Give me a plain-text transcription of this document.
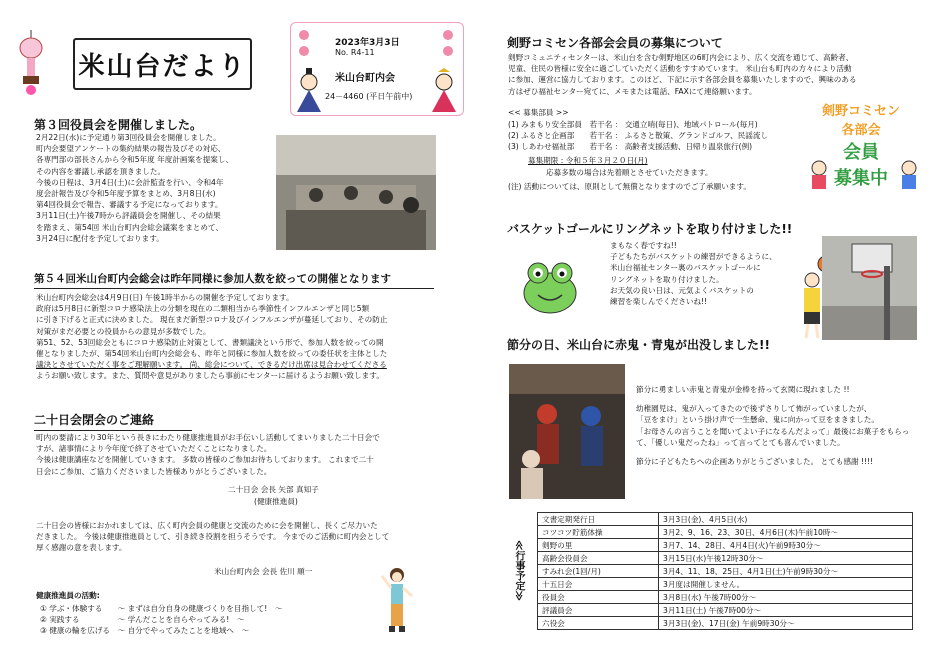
米山台だより
2023年3月3日
No. R4-11
米山台町内会
24－4460 (平日午前中)
第３回役員会を開催しました。
2月22日(水)に予定通り第3回役員会を開催しました。
町内会要望アンケートの集約結果の報告及びその対応、
各専門部の部長さんから令和5年度 年度計画案を提案し、
その内容を審議し承認を頂きました。
今後の日程は、3月4日(土)に会計監査を行い、令和4年
度会計報告及び令和5年度予算をまとめ、3月8日(水)
第4回役員会で報告、審議する予定になっております。
3月11日(土)午後7時から評議員会を開催し、その結果
を踏まえ、第54回 米山台町内会総会議案をまとめて、
3月24日に配付を予定しております。
第５４回米山台町内会総会は昨年同様に参加人数を絞っての開催となります
米山台町内会総会は4月9日(日) 午後1時半からの開催を予定しております。
政府は5月8日に新型コロナ感染法上の分類を現在の二類相当から季節性インフルエンザと同じ5類
に引き下げると正式に決めました。 現在まだ新型コロナ及びインフルエンザが蔓延しており、その防止
対策がまだ必要との役員からの意見が多数でした。
第51、52、53回総会ともにコロナ感染防止対策として、書類議決という形で、参加人数を絞っての開
催となりましたが、第54回米山台町内会総会も、昨年と同様に参加人数を絞っての委任状を主体とした
議決とさせていただく事をご理解願います。 尚、総会について、できるだけ出席は見合わせてくださる
ようお願い致します。また、質問や意見がありましたら事前にセンターに届けるようお願い致します。
二十日会閉会のご連絡
町内の要請により30年という長きにわたり健康推進員がお手伝いし活動してまいりました二十日会で
すが、諸事情により今年度で終了させていただくことになりました。
今後は健康講座などを開催していきます。 多数の皆様のご参加お待ちしております。 これまで二十
日会にご参加、ご協力くださいました皆様ありがとうございました。
二十日会 会長 矢部 真知子
(健康推進員)
二十日会の皆様におかれましては、広く町内会員の健康と交流のために会を開催し、長くご尽力いた
だきました。 今後は健康推進員として、引き続き役割を担うそうです。 今までのご活動に町内会として
厚く感謝の意を表します。
米山台町内会 会長 佐川 順一
健康推進員の活動:
① 学ぶ・体験する　　～ まずは自分自身の健康づくりを目指して!　～
② 実践する　　　　　～ 学んだことを自らやってみる!　～
③ 健康の輪を広げる　～ 自分でやってみたことを地域へ　～
剣野コミセン各部会会員の募集について
剣野コミュニティセンターは、米山台を含む剣野地区の6町内会により、広く交流を通じて、高齢者、
児童、住民の皆様に安全に過ごしていただく活動をすすめています。 米山台も町内の方々により活動
に参加、運営に協力しております。このほど、下記に示す各部会員を募集いたしますので、興味のある
方はぜひ福祉センター宛てに、メモまたは電話、FAXにて連絡願います。
<< 募集部員 >>
(1) みまもり安全部員　若干名 ： 交通立哨(毎日)、地域パトロール(毎月)
(2) ふるさと企画部　　若干名 ： ふるさと散策、グランドゴルフ、民謡流し
(3) しあわせ福祉部　　若干名 ： 高齢者支援活動、日帰り温泉旅行(例)
募集期限 : 令和５年３月２０日(月)
応募多数の場合は先着順とさせていただきます。
(注) 活動については、原則として無償となりますのでご了承願います。
剣野コミセン
各部会
会員
募集中
バスケットゴールにリングネットを取り付けました!!
まもなく春ですね!!
子どもたちがバスケットの練習ができるように、
米山台福祉センター裏のバスケットゴールに
リングネットを取り付けました。
お天気の良い日は、元気よくバスケットの
練習を楽しんでくださいね!!
節分の日、米山台に赤鬼・青鬼が出没しました!!
節分に勇ましい赤鬼と青鬼が金棒を持って玄関に現れました !!
幼稚園児は、鬼が入ってきたので後ずさりして怖がっていましたが、
「豆をまけ」という掛け声で一生懸命、鬼に向かって豆をまきました。
「お母さんの言うことを聞いてよい子になるんだよって」最後にお菓子をもらっ
て、「優しい鬼だったね」って言ってとても喜んでいました。
節分に子どもたちへの企画ありがとうございました。 とても感謝 !!!!
≪行事予定≫
文書定期発行日	3月3日(金)、4月5日(水)
コツコツ貯筋体操	3月2、9、16、23、30日、4月6日(木)午前10時～
剣野の里	3月7、14、28日、4月4日(火)午前9時30分～
高齢会役員会	3月15日(水)午後12時30分～
すみれ会(1回/月)	3月4、11、18、25日、4月1日(土)午前9時30分～
十五日会	3月度は開催しません。
役員会	3月8日(水) 午後7時00分～
評議員会	3月11日(土) 午後7時00分～
六役会	3月3日(金)、17日(金) 午前9時30分～
